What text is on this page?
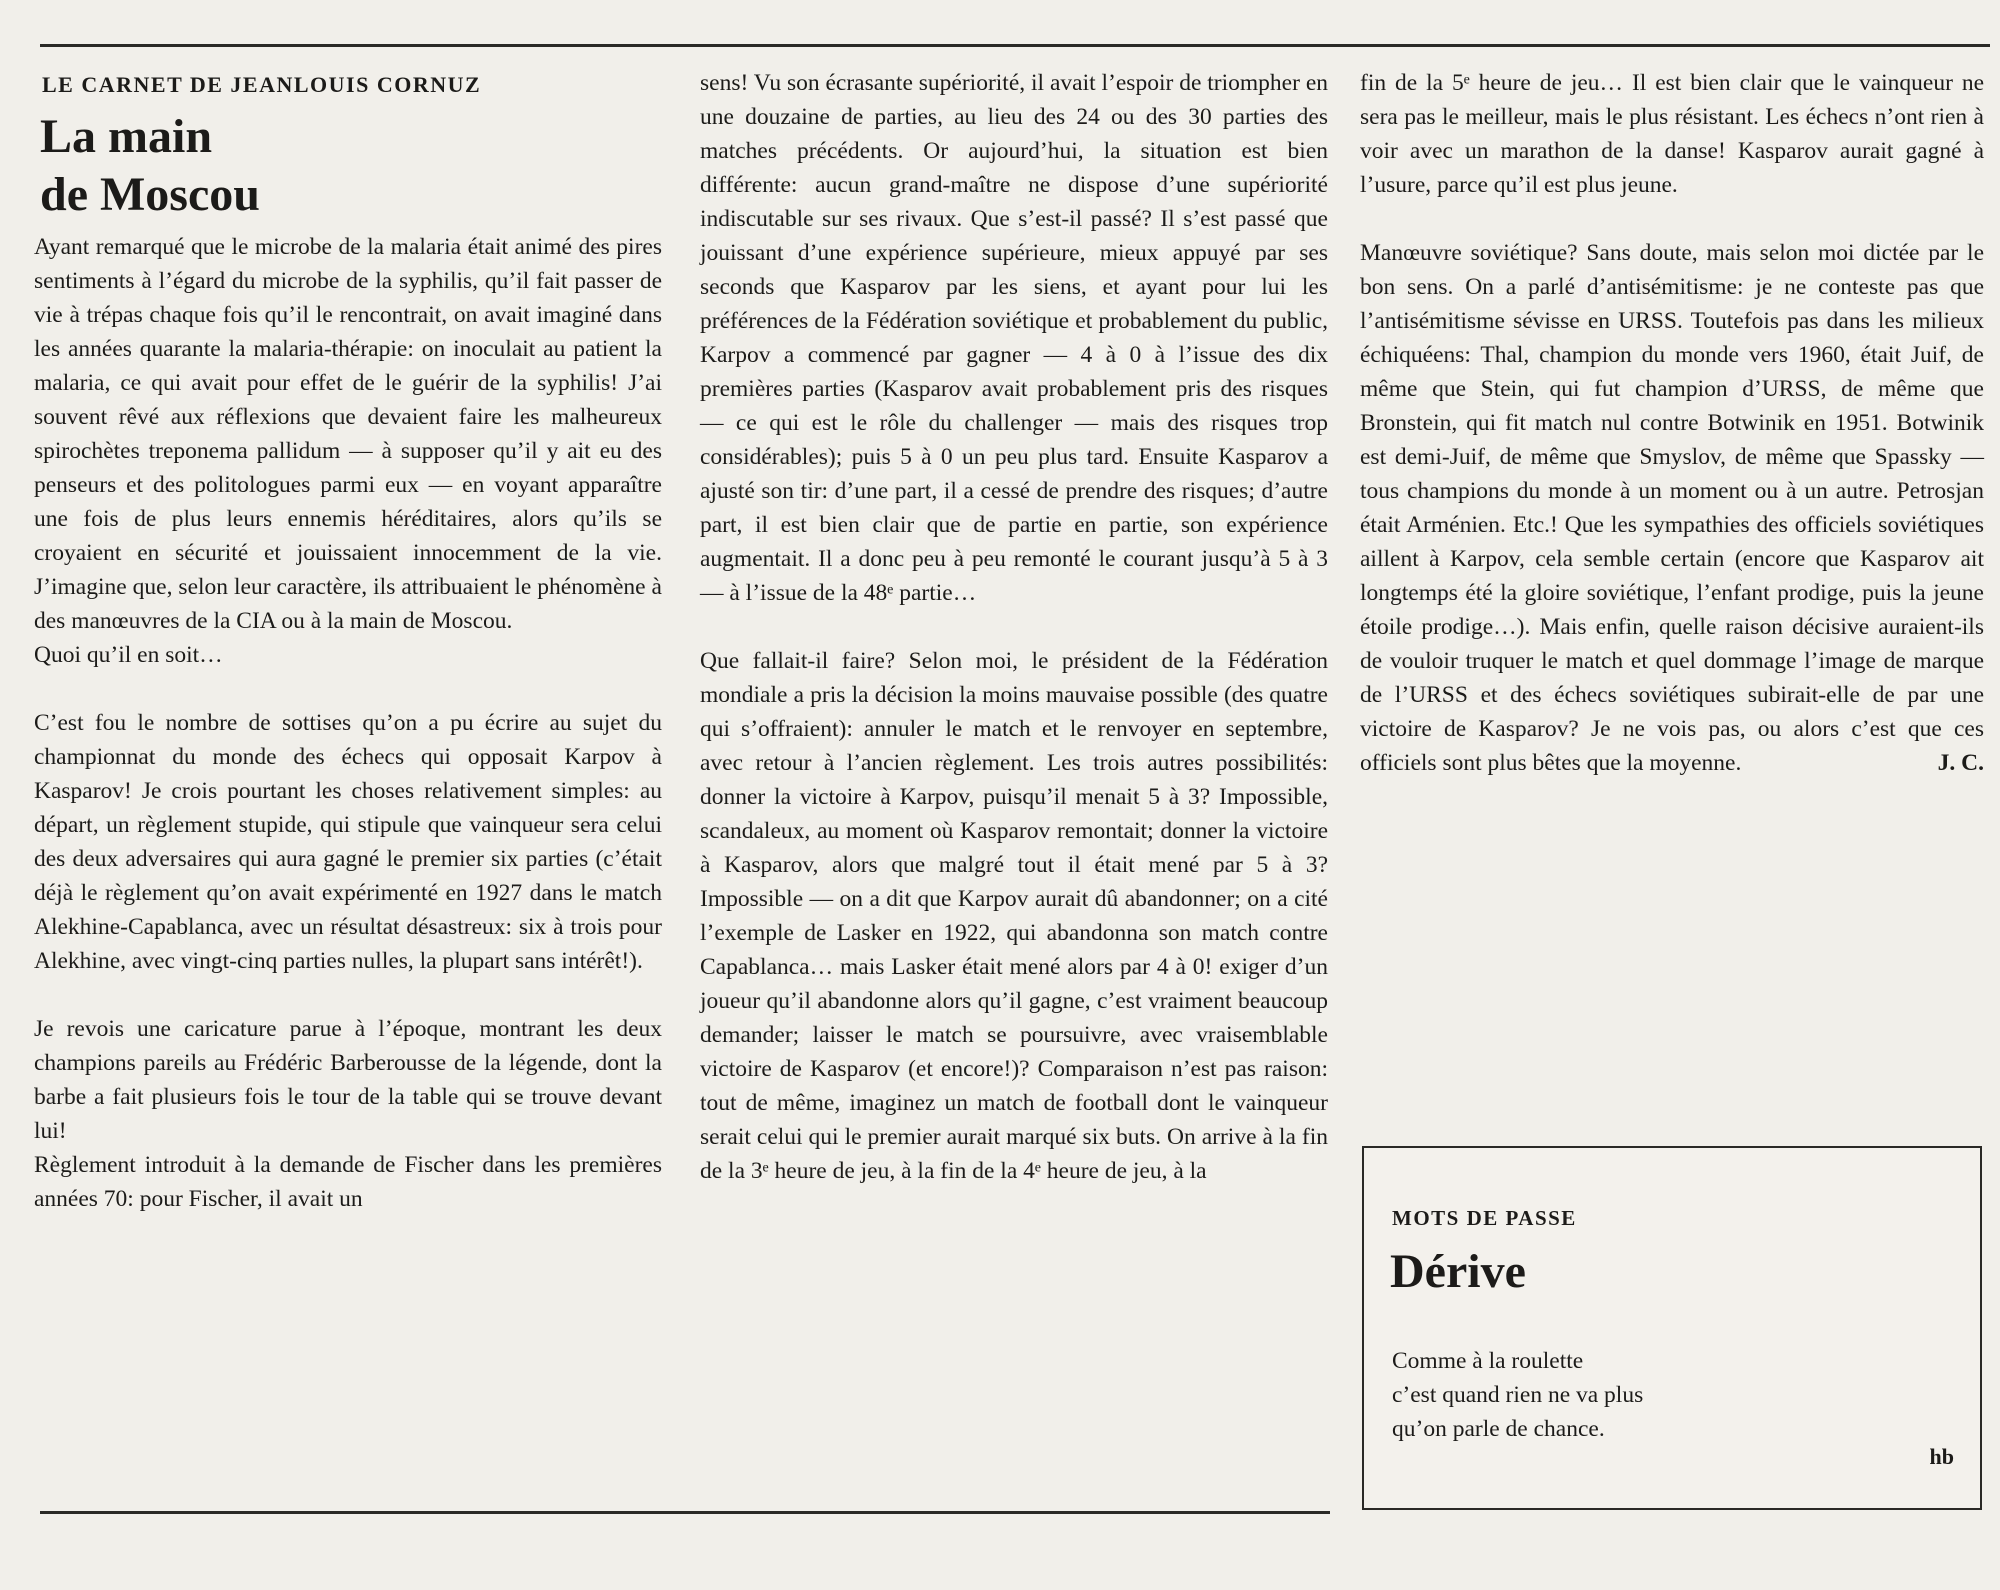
LE CARNET DE JEANLOUIS CORNUZ
La main
de Moscou

Ayant remarqué que le microbe de la malaria était animé des pires sentiments à l’égard du microbe de la syphilis, qu’il fait passer de vie à trépas chaque fois qu’il le rencontrait, on avait imaginé dans les années quarante la malaria-thérapie: on inoculait au patient la malaria, ce qui avait pour effet de le guérir de la syphilis! J’ai souvent rêvé aux réflexions que devaient faire les malheureux spirochètes treponema pallidum — à supposer qu’il y ait eu des penseurs et des politologues parmi eux — en voyant apparaître une fois de plus leurs ennemis héréditaires, alors qu’ils se croyaient en sécurité et jouissaient innocemment de la vie. J’imagine que, selon leur caractère, ils attribuaient le phénomène à des manœuvres de la CIA ou à la main de Moscou.

Quoi qu’il en soit…

C’est fou le nombre de sottises qu’on a pu écrire au sujet du championnat du monde des échecs qui opposait Karpov à Kasparov! Je crois pourtant les choses relativement simples: au départ, un règlement stupide, qui stipule que vainqueur sera celui des deux adversaires qui aura gagné le premier six parties (c’était déjà le règlement qu’on avait expérimenté en 1927 dans le match Alekhine-Capablanca, avec un résultat désastreux: six à trois pour Alekhine, avec vingt-cinq parties nulles, la plupart sans intérêt!).

Je revois une caricature parue à l’époque, montrant les deux champions pareils au Frédéric Barberousse de la légende, dont la barbe a fait plusieurs fois le tour de la table qui se trouve devant lui!

Règlement introduit à la demande de Fischer dans les premières années 70: pour Fischer, il avait un

sens! Vu son écrasante supériorité, il avait l’espoir de triompher en une douzaine de parties, au lieu des 24 ou des 30 parties des matches précédents. Or aujourd’hui, la situation est bien différente: aucun grand-maître ne dispose d’une supériorité indiscutable sur ses rivaux. Que s’est-il passé? Il s’est passé que jouissant d’une expérience supérieure, mieux appuyé par ses seconds que Kasparov par les siens, et ayant pour lui les préférences de la Fédération soviétique et probablement du public, Karpov a commencé par gagner — 4 à 0 à l’issue des dix premières parties (Kasparov avait probablement pris des risques — ce qui est le rôle du challenger — mais des risques trop considérables); puis 5 à 0 un peu plus tard. Ensuite Kasparov a ajusté son tir: d’une part, il a cessé de prendre des risques; d’autre part, il est bien clair que de partie en partie, son expérience augmentait. Il a donc peu à peu remonté le courant jusqu’à 5 à 3 — à l’issue de la 48ᵉ partie…

Que fallait-il faire? Selon moi, le président de la Fédération mondiale a pris la décision la moins mauvaise possible (des quatre qui s’offraient): annuler le match et le renvoyer en septembre, avec retour à l’ancien règlement. Les trois autres possibilités: donner la victoire à Karpov, puisqu’il menait 5 à 3? Impossible, scandaleux, au moment où Kasparov remontait; donner la victoire à Kasparov, alors que malgré tout il était mené par 5 à 3? Impossible — on a dit que Karpov aurait dû abandonner; on a cité l’exemple de Lasker en 1922, qui abandonna son match contre Capablanca… mais Lasker était mené alors par 4 à 0! exiger d’un joueur qu’il abandonne alors qu’il gagne, c’est vraiment beaucoup demander; laisser le match se poursuivre, avec vraisemblable victoire de Kasparov (et encore!)? Comparaison n’est pas raison: tout de même, imaginez un match de football dont le vainqueur serait celui qui le premier aurait marqué six buts. On arrive à la fin de la 3ᵉ heure de jeu, à la fin de la 4ᵉ heure de jeu, à la

fin de la 5ᵉ heure de jeu… Il est bien clair que le vainqueur ne sera pas le meilleur, mais le plus résistant. Les échecs n’ont rien à voir avec un marathon de la danse! Kasparov aurait gagné à l’usure, parce qu’il est plus jeune.

Manœuvre soviétique? Sans doute, mais selon moi dictée par le bon sens. On a parlé d’antisémitisme: je ne conteste pas que l’antisémitisme sévisse en URSS. Toutefois pas dans les milieux échiquéens: Thal, champion du monde vers 1960, était Juif, de même que Stein, qui fut champion d’URSS, de même que Bronstein, qui fit match nul contre Botwinik en 1951. Botwinik est demi-Juif, de même que Smyslov, de même que Spassky — tous champions du monde à un moment ou à un autre. Petrosjan était Arménien. Etc.! Que les sympathies des officiels soviétiques aillent à Karpov, cela semble certain (encore que Kasparov ait longtemps été la gloire soviétique, l’enfant prodige, puis la jeune étoile prodige…). Mais enfin, quelle raison décisive auraient-ils de vouloir truquer le match et quel dommage l’image de marque de l’URSS et des échecs soviétiques subirait-elle de par une victoire de Kasparov? Je ne vois pas, ou alors c’est que ces officiels sont plus bêtes que la moyenne.	J. C.

MOTS DE PASSE
Dérive
Comme à la roulette
c’est quand rien ne va plus
qu’on parle de chance.
hb
